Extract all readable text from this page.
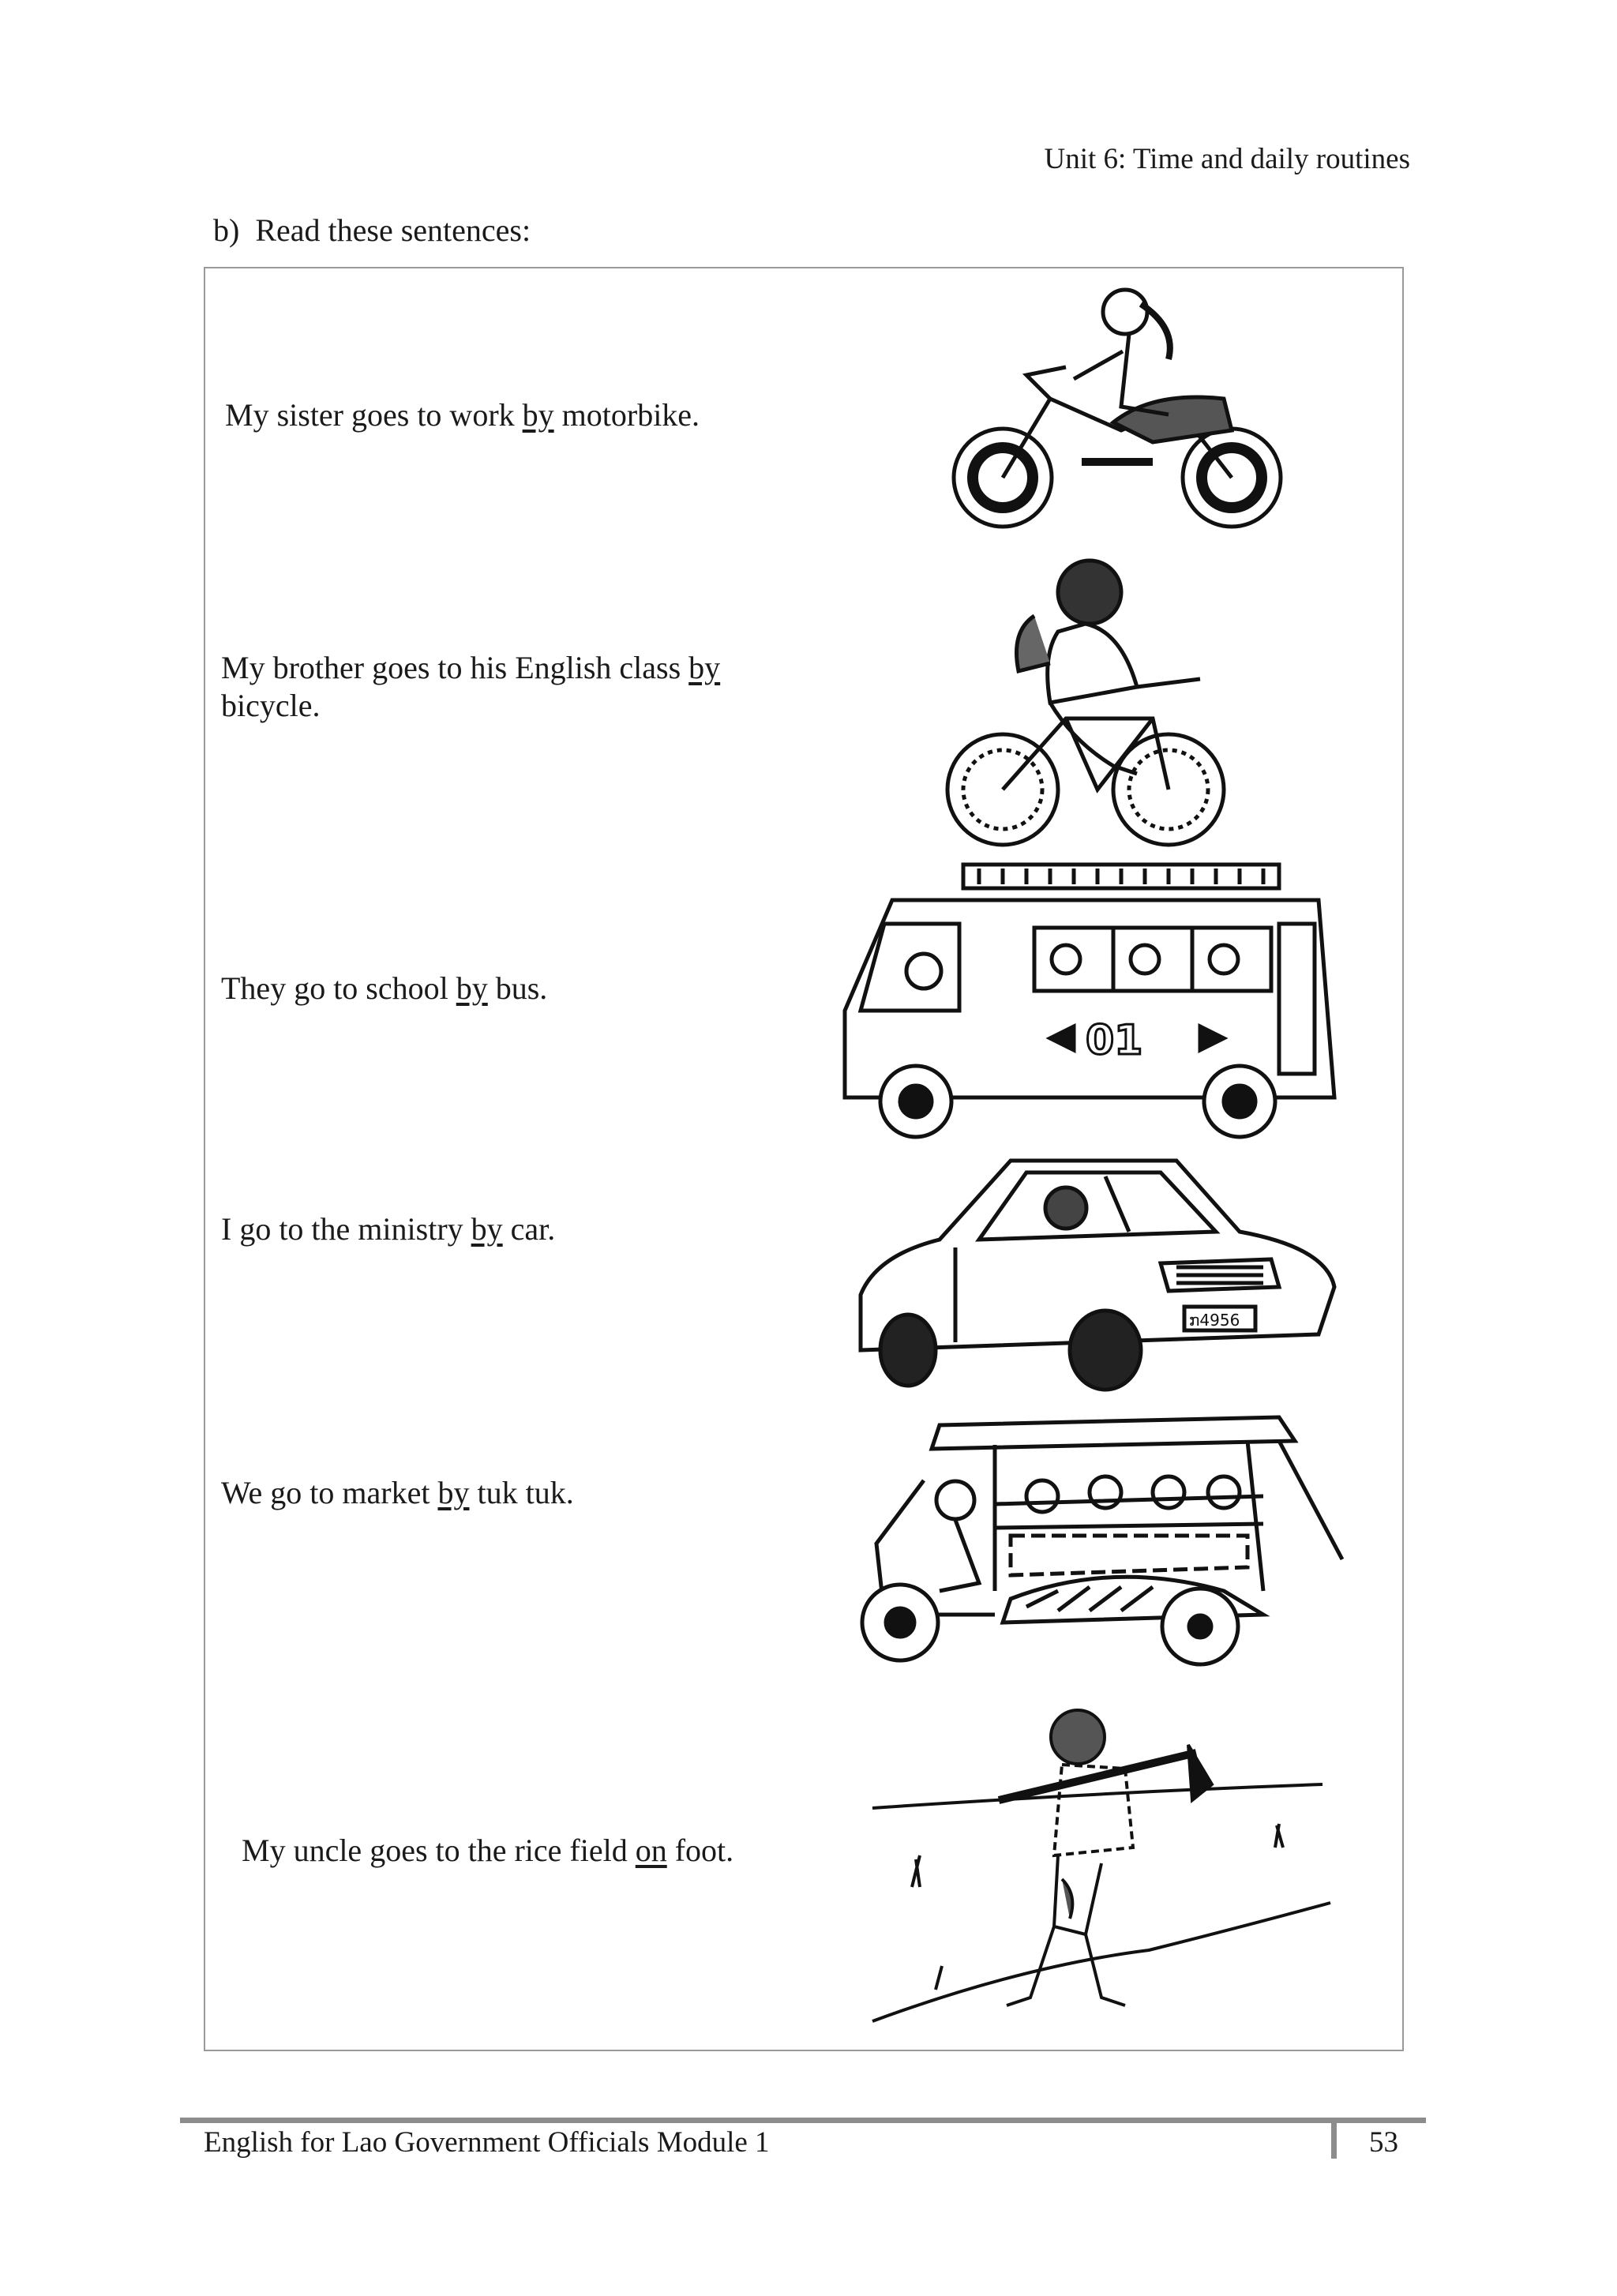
Unit 6: Time and daily routines
b) Read these sentences:
My sister goes to work by motorbike.
My brother goes to his English class by bicycle.
They go to school by bus.
01
I go to the ministry by car.
ກ4956
We go to market by tuk tuk.
My uncle goes to the rice field on foot.
English for Lao Government Officials Module 1	53
